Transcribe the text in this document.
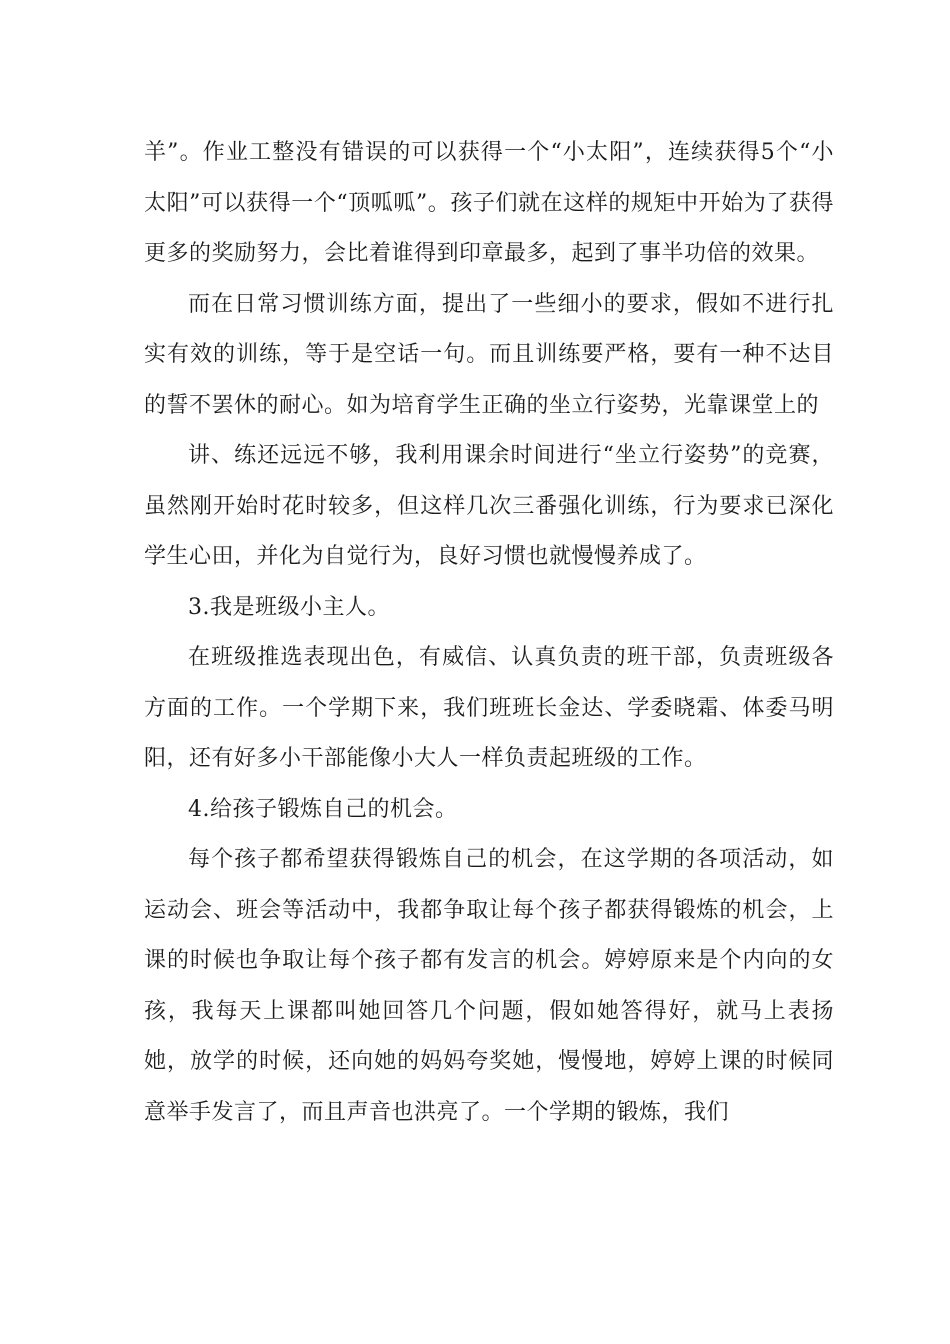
羊”。作业工整没有错误的可以获得一个“小太阳”，连续获得5个“小太阳”可以获得一个“顶呱呱”。孩子们就在这样的规矩中开始为了获得更多的奖励努力，会比着谁得到印章最多，起到了事半功倍的效果。

而在日常习惯训练方面，提出了一些细小的要求，假如不进行扎实有效的训练，等于是空话一句。而且训练要严格，要有一种不达目的誓不罢休的耐心。如为培育学生正确的坐立行姿势，光靠课堂上的

讲、练还远远不够，我利用课余时间进行“坐立行姿势”的竞赛，虽然刚开始时花时较多，但这样几次三番强化训练，行为要求已深化学生心田，并化为自觉行为，良好习惯也就慢慢养成了。

3.我是班级小主人。

在班级推选表现出色，有威信、认真负责的班干部，负责班级各方面的工作。一个学期下来，我们班班长金达、学委晓霜、体委马明阳，还有好多小干部能像小大人一样负责起班级的工作。

4.给孩子锻炼自己的机会。

每个孩子都希望获得锻炼自己的机会，在这学期的各项活动，如运动会、班会等活动中，我都争取让每个孩子都获得锻炼的机会，上课的时候也争取让每个孩子都有发言的机会。婷婷原来是个内向的女孩，我每天上课都叫她回答几个问题，假如她答得好，就马上表扬她，放学的时候，还向她的妈妈夸奖她，慢慢地，婷婷上课的时候同意举手发言了，而且声音也洪亮了。一个学期的锻炼，我们
